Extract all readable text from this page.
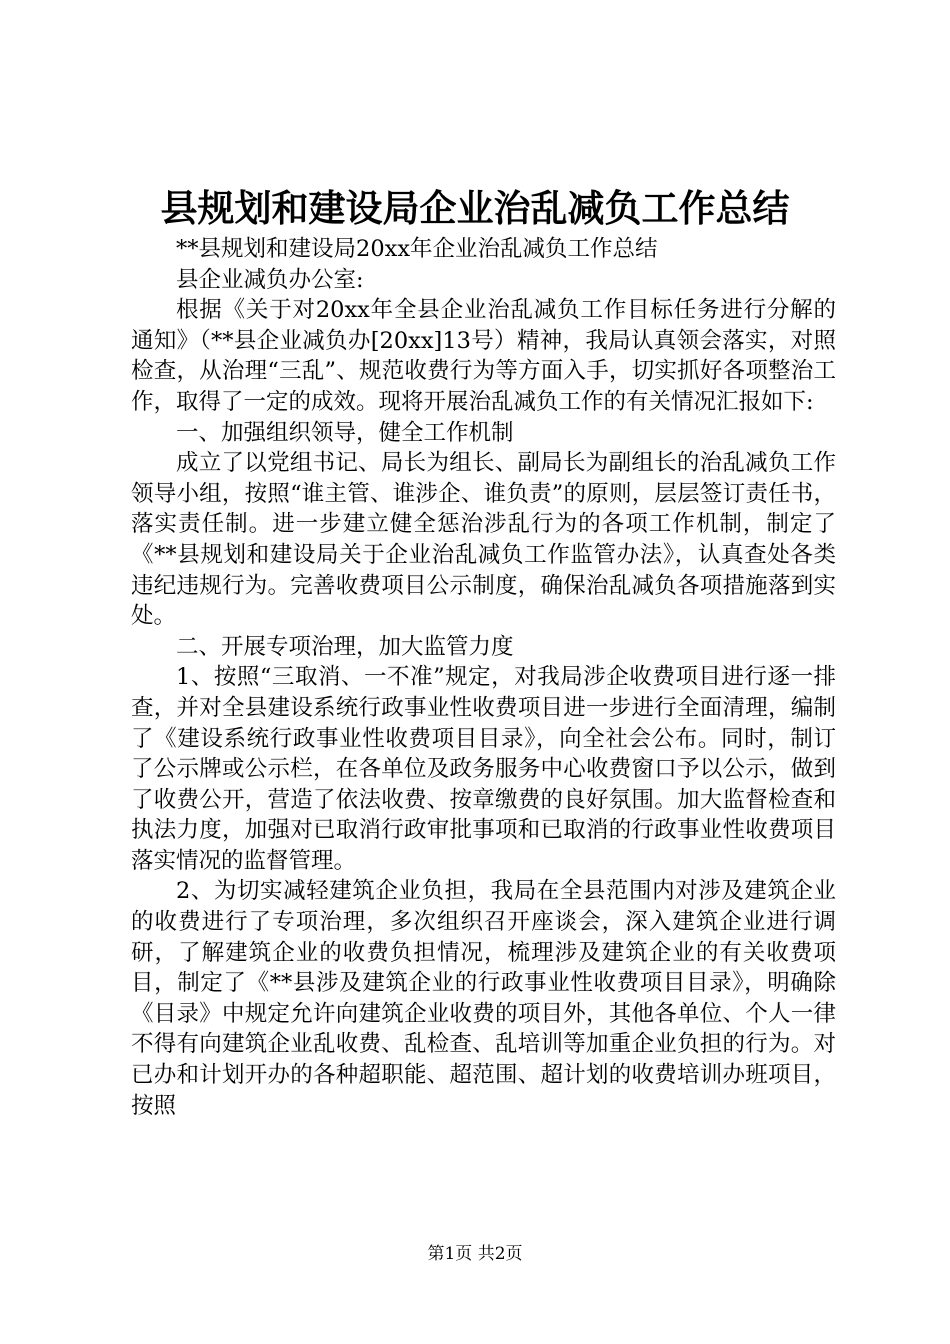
县规划和建设局企业治乱减负工作总结

**县规划和建设局20xx年企业治乱减负工作总结

县企业减负办公室:

根据《关于对20xx年全县企业治乱减负工作目标任务进行分解的通知》（**县企业减负办[20xx]13号）精神，我局认真领会落实，对照检查，从治理“三乱”、规范收费行为等方面入手，切实抓好各项整治工作，取得了一定的成效。现将开展治乱减负工作的有关情况汇报如下:

一、加强组织领导，健全工作机制

成立了以党组书记、局长为组长、副局长为副组长的治乱减负工作领导小组，按照“谁主管、谁涉企、谁负责”的原则，层层签订责任书，落实责任制。进一步建立健全惩治涉乱行为的各项工作机制，制定了《**县规划和建设局关于企业治乱减负工作监管办法》，认真查处各类违纪违规行为。完善收费项目公示制度，确保治乱减负各项措施落到实处。

二、开展专项治理，加大监管力度

1、按照“三取消、一不准”规定，对我局涉企收费项目进行逐一排查，并对全县建设系统行政事业性收费项目进一步进行全面清理，编制了《建设系统行政事业性收费项目目录》，向全社会公布。同时，制订了公示牌或公示栏，在各单位及政务服务中心收费窗口予以公示，做到了收费公开，营造了依法收费、按章缴费的良好氛围。加大监督检查和执法力度，加强对已取消行政审批事项和已取消的行政事业性收费项目落实情况的监督管理。

2、为切实减轻建筑企业负担，我局在全县范围内对涉及建筑企业的收费进行了专项治理，多次组织召开座谈会，深入建筑企业进行调研，了解建筑企业的收费负担情况，梳理涉及建筑企业的有关收费项目，制定了《**县涉及建筑企业的行政事业性收费项目目录》，明确除《目录》中规定允许向建筑企业收费的项目外，其他各单位、个人一律不得有向建筑企业乱收费、乱检查、乱培训等加重企业负担的行为。对已办和计划开办的各种超职能、超范围、超计划的收费培训办班项目，按照

第1页 共2页
